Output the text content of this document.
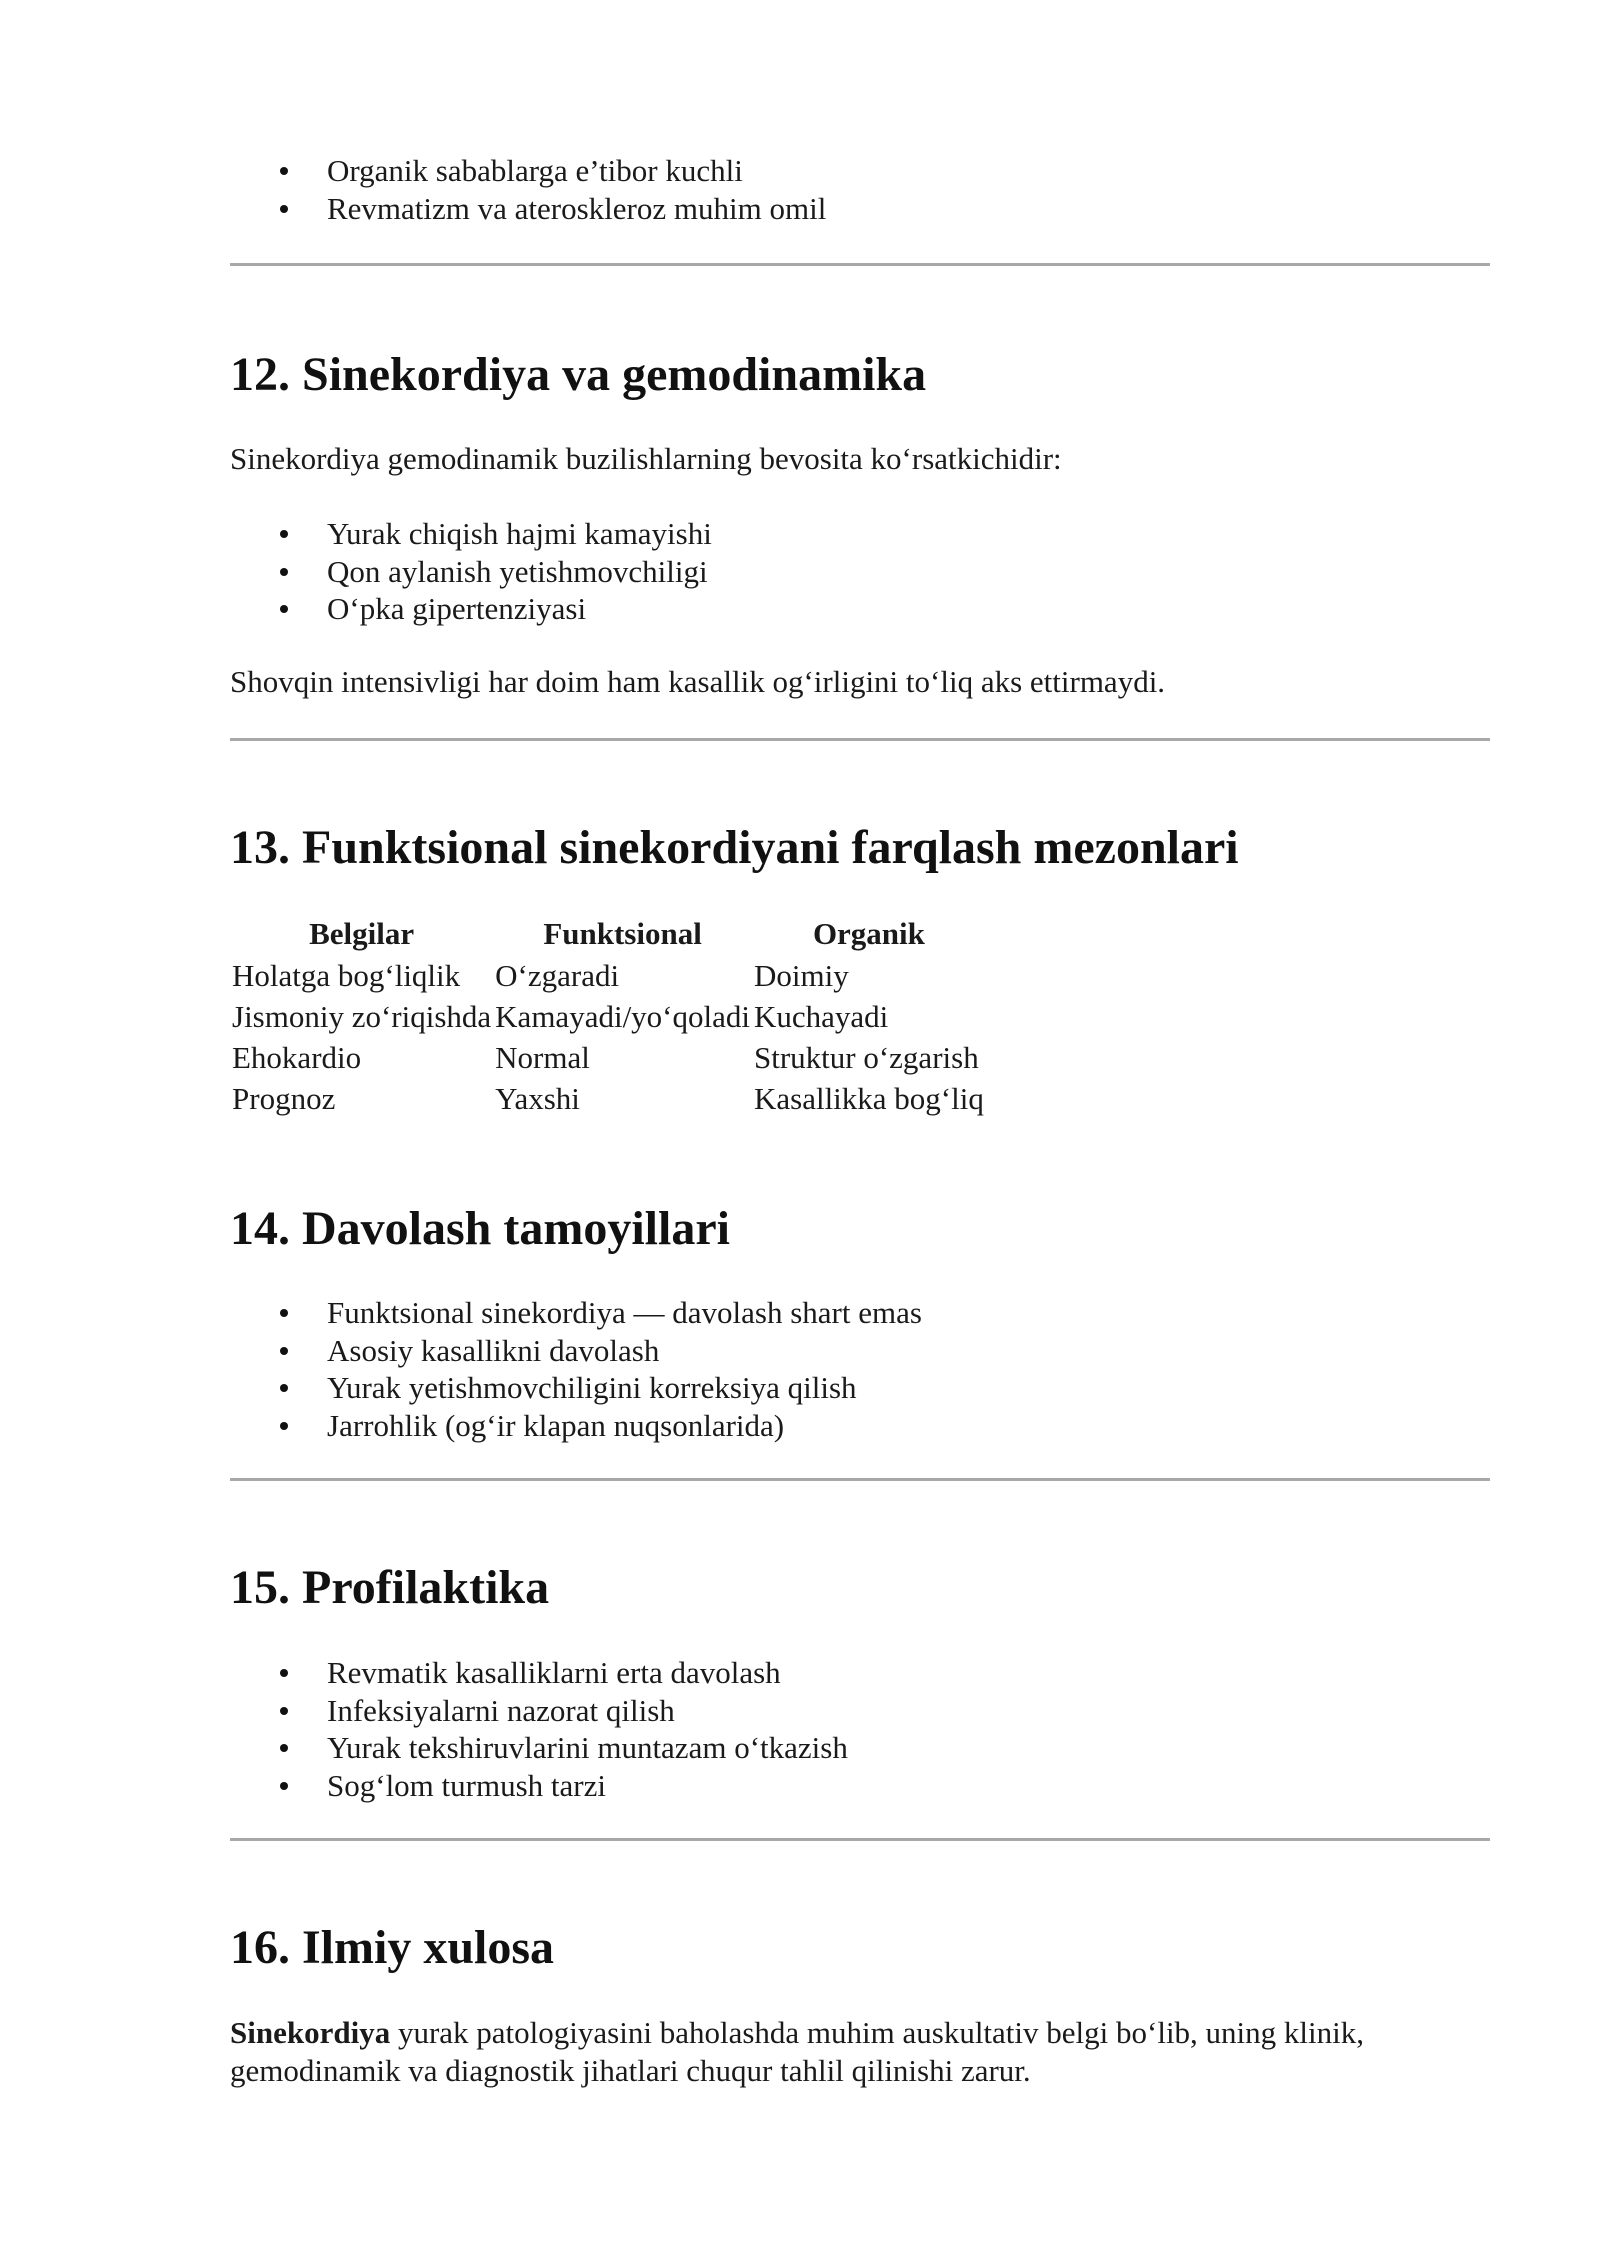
Organik sabablarga e’tibor kuchli
Revmatizm va ateroskleroz muhim omil
12. Sinekordiya va gemodinamika

Sinekordiya gemodinamik buzilishlarning bevosita ko‘rsatkichidir:

Yurak chiqish hajmi kamayishi
Qon aylanish yetishmovchiligi
O‘pka gipertenziyasi

Shovqin intensivligi har doim ham kasallik og‘irligini to‘liq aks ettirmaydi.

13. Funktsional sinekordiyani farqlash mezonlari
Belgilar	Funktsional	Organik
Holatga bog‘liqlik	O‘zgaradi	Doimiy
Jismoniy zo‘riqishda	Kamayadi/yo‘qoladi	Kuchayadi
Ehokardio	Normal	Struktur o‘zgarish
Prognoz	Yaxshi	Kasallikka bog‘liq
14. Davolash tamoyillari
Funktsional sinekordiya — davolash shart emas
Asosiy kasallikni davolash
Yurak yetishmovchiligini korreksiya qilish
Jarrohlik (og‘ir klapan nuqsonlarida)
15. Profilaktika
Revmatik kasalliklarni erta davolash
Infeksiyalarni nazorat qilish
Yurak tekshiruvlarini muntazam o‘tkazish
Sog‘lom turmush tarzi
16. Ilmiy xulosa

Sinekordiya yurak patologiyasini baholashda muhim auskultativ belgi bo‘lib, uning klinik,

gemodinamik va diagnostik jihatlari chuqur tahlil qilinishi zarur.
